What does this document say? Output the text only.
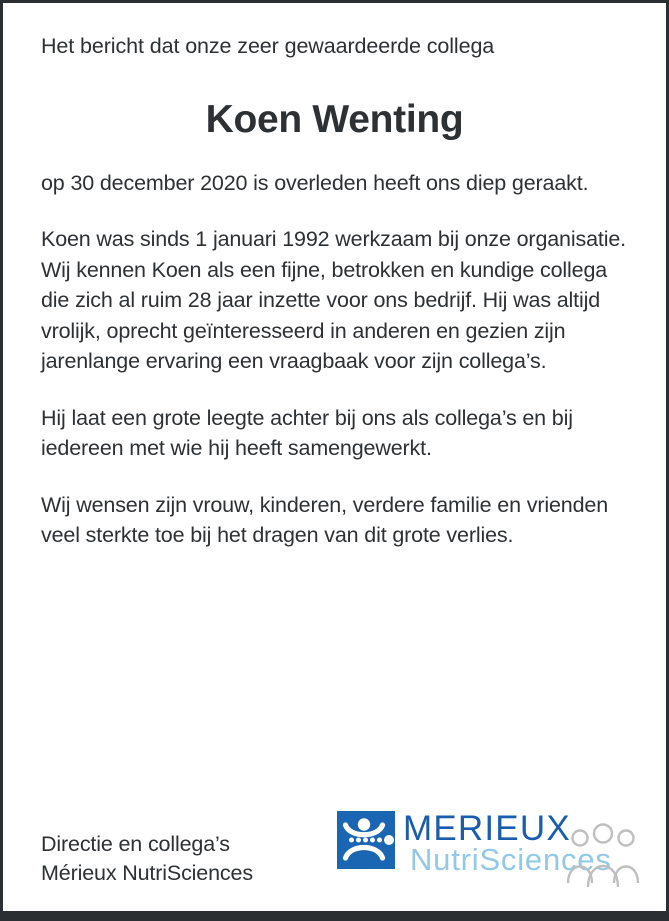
Het bericht dat onze zeer gewaardeerde collega

Koen Wenting

op 30 december 2020 is overleden heeft ons diep geraakt.

Koen was sinds 1 januari 1992 werkzaam bij onze organisatie. Wij kennen Koen als een fijne, betrokken en kundige collega die zich al ruim 28 jaar inzette voor ons bedrijf. Hij was altijd vrolijk, oprecht geïnteresseerd in anderen en gezien zijn jarenlange ervaring een vraagbaak voor zijn collega’s.

Hij laat een grote leegte achter bij ons als collega’s en bij iedereen met wie hij heeft samengewerkt.

Wij wensen zijn vrouw, kinderen, verdere familie en vrienden veel sterkte toe bij het dragen van dit grote verlies.

Directie en collega’s
Mérieux NutriSciences
MERIEUX
NutriSciences
